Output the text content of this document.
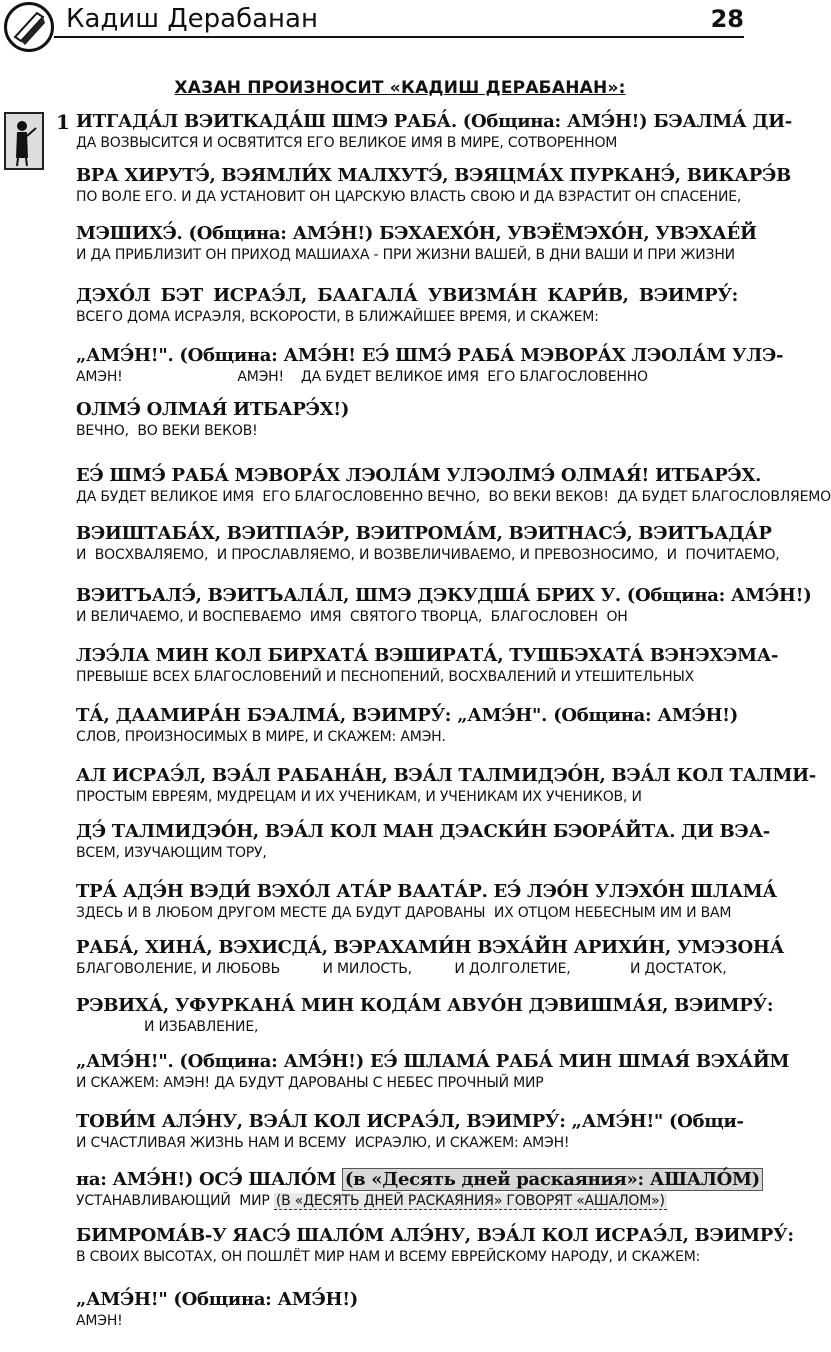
Кадиш Дерабанан	28
ХАЗАН ПРОИЗНОСИТ «КАДИШ ДЕРАБАНАН»:
1 ИТГАДА́Л ВЭИТКАДА́Ш ШМЭ РАБА́. (Община: АМЭ́Н!) БЭАЛМА́ ДИ-
ДА ВОЗВЫСИТСЯ И ОСВЯТИТСЯ ЕГО ВЕЛИКОЕ ИМЯ В МИРЕ, СОТВОРЕННОМ
ВРА ХИРУТЭ́, ВЭЯМЛИ́Х МАЛХУТЭ́, ВЭЯЦМА́Х ПУРКАНЭ́, ВИКАРЭ́В
ПО ВОЛЕ ЕГО. И ДА УСТАНОВИТ ОН ЦАРСКУЮ ВЛАСТЬ СВОЮ И ДА ВЗРАСТИТ ОН СПАСЕНИЕ,
МЭШИХЭ́. (Община: АМЭ́Н!) БЭХАЕХО́Н, УВЭЁМЭХО́Н, УВЭХАЕ́Й
И ДА ПРИБЛИЗИТ ОН ПРИХОД МАШИАХА - ПРИ ЖИЗНИ ВАШЕЙ, В ДНИ ВАШИ И ПРИ ЖИЗНИ
ДЭХО́Л БЭТ ИСРАЭ́Л, БААГАЛА́ УВИЗМА́Н КАРИ́В, ВЭИМРУ́:
ВСЕГО ДОМА ИСРАЭЛЯ, ВСКОРОСТИ, В БЛИЖАЙШЕЕ ВРЕМЯ, И СКАЖЕМ:
„АМЭ́Н!". (Община: АМЭ́Н! ЕЭ́ ШМЭ́ РАБА́ МЭВОРА́Х ЛЭОЛА́М УЛЭ-
АМЭН!                           АМЭН!    ДА БУДЕТ ВЕЛИКОЕ ИМЯ  ЕГО БЛАГОСЛОВЕННО
ОЛМЭ́ ОЛМАЯ́ ИТБАРЭ́Х!)
ВЕЧНО,  ВО ВЕКИ ВЕКОВ!
ЕЭ́ ШМЭ́ РАБА́ МЭВОРА́Х ЛЭОЛА́М УЛЭОЛМЭ́ ОЛМАЯ́! ИТБАРЭ́Х.
ДА БУДЕТ ВЕЛИКОЕ ИМЯ  ЕГО БЛАГОСЛОВЕННО ВЕЧНО,  ВО ВЕКИ ВЕКОВ!  ДА БУДЕТ БЛАГОСЛОВЛЯЕМО
ВЭИШТАБА́Х, ВЭИТПАЭ́Р, ВЭИТРОМА́М, ВЭИТНАСЭ́, ВЭИТЪАДА́Р
И  ВОСХВАЛЯЕМО,  И ПРОСЛАВЛЯЕМО, И ВОЗВЕЛИЧИВАЕМО, И ПРЕВОЗНОСИМО,  И  ПОЧИТАЕМО,
ВЭИТЪАЛЭ́, ВЭИТЪАЛА́Л, ШМЭ ДЭКУДША́ БРИХ У. (Община: АМЭ́Н!)
И ВЕЛИЧАЕМО, И ВОСПЕВАЕМО  ИМЯ  СВЯТОГО ТВОРЦА,  БЛАГОСЛОВЕН  ОН
ЛЭЭ́ЛА МИН КОЛ БИРХАТА́ ВЭШИРАТА́, ТУШБЭХАТА́ ВЭНЭХЭМА-
ПРЕВЫШЕ ВСЕХ БЛАГОСЛОВЕНИЙ И ПЕСНОПЕНИЙ, ВОСХВАЛЕНИЙ И УТЕШИТЕЛЬНЫХ
ТА́, ДААМИРА́Н БЭАЛМА́, ВЭИМРУ́: „АМЭ́Н". (Община: АМЭ́Н!)
СЛОВ, ПРОИЗНОСИМЫХ В МИРЕ, И СКАЖЕМ: АМЭН.
АЛ ИСРАЭ́Л, ВЭА́Л РАБАНА́Н, ВЭА́Л ТАЛМИДЭО́Н, ВЭА́Л КОЛ ТАЛМИ-
ПРОСТЫМ ЕВРЕЯМ, МУДРЕЦАМ И ИХ УЧЕНИКАМ, И УЧЕНИКАМ ИХ УЧЕНИКОВ, И
ДЭ́ ТАЛМИДЭО́Н, ВЭА́Л КОЛ МАН ДЭАСКИ́Н БЭОРА́ЙТА. ДИ ВЭА-
ВСЕМ, ИЗУЧАЮЩИМ ТОРУ,
ТРА́ АДЭ́Н ВЭДИ́ ВЭХО́Л АТА́Р ВААТА́Р. ЕЭ́ ЛЭО́Н УЛЭХО́Н ШЛАМА́
ЗДЕСЬ И В ЛЮБОМ ДРУГОМ МЕСТЕ ДА БУДУТ ДАРОВАНЫ  ИХ ОТЦОМ НЕБЕСНЫМ ИМ И ВАМ
РАБА́, ХИНА́, ВЭХИСДА́, ВЭРАХАМИ́Н ВЭХА́ЙН АРИХИ́Н, УМЭЗОНА́
БЛАГОВОЛЕНИЕ, И ЛЮБОВЬ          И МИЛОСТЬ,          И ДОЛГОЛЕТИЕ,              И ДОСТАТОК,
РЭВИХА́, УФУРКАНА́ МИН КОДА́М АВУО́Н ДЭВИШМА́Я, ВЭИМРУ́:
И ИЗБАВЛЕНИЕ,
„АМЭ́Н!". (Община: АМЭ́Н!) ЕЭ́ ШЛАМА́ РАБА́ МИН ШМАЯ́ ВЭХА́ЙМ
И СКАЖЕМ: АМЭН! ДА БУДУТ ДАРОВАНЫ С НЕБЕС ПРОЧНЫЙ МИР
ТОВИ́М АЛЭ́НУ, ВЭА́Л КОЛ ИСРАЭ́Л, ВЭИМРУ́: „АМЭ́Н!" (Общи-
И СЧАСТЛИВАЯ ЖИЗНЬ НАМ И ВСЕМУ  ИСРАЭЛЮ, И СКАЖЕМ: АМЭН!
на: АМЭ́Н!) ОСЭ́ ШАЛО́М (в «Десять дней раскаяния»: АШАЛО́М)
УСТАНАВЛИВАЮЩИЙ  МИР (В «ДЕСЯТЬ ДНЕЙ РАСКАЯНИЯ» ГОВОРЯТ «АШАЛОМ»)
БИМРОМА́В-У ЯАСЭ́ ШАЛО́М АЛЭ́НУ, ВЭА́Л КОЛ ИСРАЭ́Л, ВЭИМРУ́:
В СВОИХ ВЫСОТАХ, ОН ПОШЛЁТ МИР НАМ И ВСЕМУ ЕВРЕЙСКОМУ НАРОДУ, И СКАЖЕМ:
„АМЭ́Н!" (Община: АМЭ́Н!)
АМЭН!
